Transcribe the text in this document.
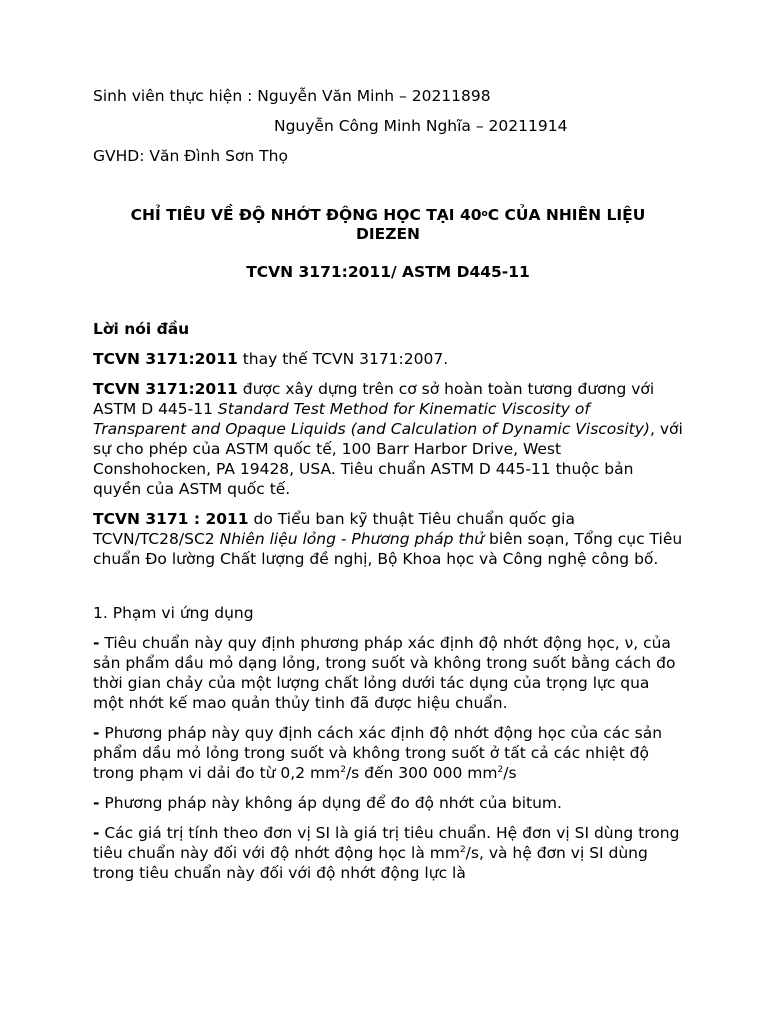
Sinh viên thực hiện : Nguyễn Văn Minh – 20211898

Nguyễn Công Minh Nghĩa – 20211914

GVHD: Văn Đình Sơn Thọ

CHỈ TIÊU VỀ ĐỘ NHỚT ĐỘNG HỌC TẠI 40$^o$C CỦA NHIÊN LIỆU DIEZEN

TCVN 3171:2011/ ASTM D445-11

Lời nói đầu

TCVN 3171:2011 thay thế TCVN 3171:2007.

TCVN 3171:2011 được xây dựng trên cơ sở hoàn toàn tương đương với ASTM D 445-11 Standard Test Method for Kinematic Viscosity of Transparent and Opaque Liquids (and Calculation of Dynamic Viscosity), với sự cho phép của ASTM quốc tế, 100 Barr Harbor Drive, West Conshohocken, PA 19428, USA. Tiêu chuẩn ASTM D 445-11 thuộc bản quyền của ASTM quốc tế.

TCVN 3171 : 2011 do Tiểu ban kỹ thuật Tiêu chuẩn quốc gia TCVN/TC28/SC2 Nhiên liệu lỏng - Phương pháp thử biên soạn, Tổng cục Tiêu chuẩn Đo lường Chất lượng đề nghị, Bộ Khoa học và Công nghệ công bố.

1. Phạm vi ứng dụng

- Tiêu chuẩn này quy định phương pháp xác định độ nhớt động học, ν, của sản phẩm dầu mỏ dạng lỏng, trong suốt và không trong suốt bằng cách đo thời gian chảy của một lượng chất lỏng dưới tác dụng của trọng lực qua một nhớt kế mao quản thủy tinh đã được hiệu chuẩn.

- Phương pháp này quy định cách xác định độ nhớt động học của các sản phẩm dầu mỏ lỏng trong suốt và không trong suốt ở tất cả các nhiệt độ trong phạm vi dải đo từ 0,2 $mm^2/s$ đến 300 000 $mm^2/s$

- Phương pháp này không áp dụng để đo độ nhớt của bitum.

- Các giá trị tính theo đơn vị SI là giá trị tiêu chuẩn. Hệ đơn vị SI dùng trong tiêu chuẩn này đối với độ nhớt động học là $mm^2/s$, và hệ đơn vị SI dùng trong tiêu chuẩn này đối với độ nhớt động lực là
